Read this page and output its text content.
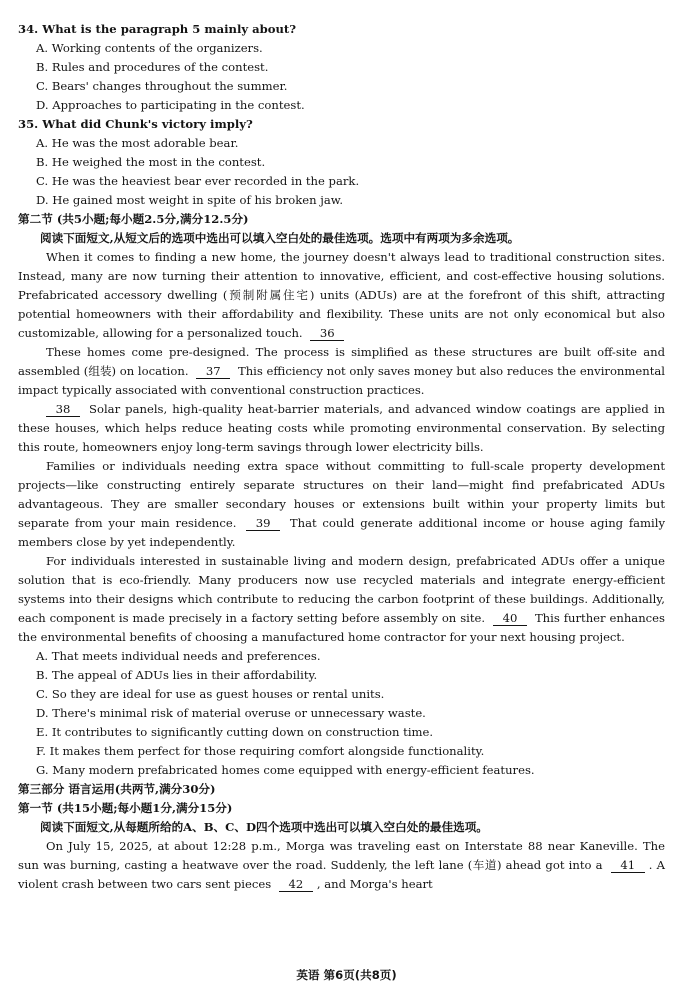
34. What is the paragraph 5 mainly about?
A. Working contents of the organizers.
B. Rules and procedures of the contest.
C. Bears' changes throughout the summer.
D. Approaches to participating in the contest.
35. What did Chunk's victory imply?
A. He was the most adorable bear.
B. He weighed the most in the contest.
C. He was the heaviest bear ever recorded in the park.
D. He gained most weight in spite of his broken jaw.
第二节 (共5小题;每小题2.5分,满分12.5分)
阅读下面短文,从短文后的选项中选出可以填入空白处的最佳选项。选项中有两项为多余选项。
When it comes to finding a new home, the journey doesn't always lead to traditional construction sites. Instead, many are now turning their attention to innovative, efficient, and cost-effective housing solutions. Prefabricated accessory dwelling (预制附属住宅) units (ADUs) are at the forefront of this shift, attracting potential homeowners with their affordability and flexibility. These units are not only economical but also customizable, allowing for a personalized touch. 36
These homes come pre-designed. The process is simplified as these structures are built off-site and assembled (组装) on location. 37 This efficiency not only saves money but also reduces the environmental impact typically associated with conventional construction practices.
38 Solar panels, high-quality heat-barrier materials, and advanced window coatings are applied in these houses, which helps reduce heating costs while promoting environmental conservation. By selecting this route, homeowners enjoy long-term savings through lower electricity bills.
Families or individuals needing extra space without committing to full-scale property development projects—like constructing entirely separate structures on their land—might find prefabricated ADUs advantageous. They are smaller secondary houses or extensions built within your property limits but separate from your main residence. 39 That could generate additional income or house aging family members close by yet independently.
For individuals interested in sustainable living and modern design, prefabricated ADUs offer a unique solution that is eco-friendly. Many producers now use recycled materials and integrate energy-efficient systems into their designs which contribute to reducing the carbon footprint of these buildings. Additionally, each component is made precisely in a factory setting before assembly on site. 40 This further enhances the environmental benefits of choosing a manufactured home contractor for your next housing project.
A. That meets individual needs and preferences.
B. The appeal of ADUs lies in their affordability.
C. So they are ideal for use as guest houses or rental units.
D. There's minimal risk of material overuse or unnecessary waste.
E. It contributes to significantly cutting down on construction time.
F. It makes them perfect for those requiring comfort alongside functionality.
G. Many modern prefabricated homes come equipped with energy-efficient features.
第三部分 语言运用(共两节,满分30分)
第一节 (共15小题;每小题1分,满分15分)
阅读下面短文,从每题所给的A、B、C、D四个选项中选出可以填入空白处的最佳选项。
On July 15, 2025, at about 12:28 p.m., Morga was traveling east on Interstate 88 near Kaneville. The sun was burning, casting a heatwave over the road. Suddenly, the left lane (车道) ahead got into a 41 . A violent crash between two cars sent pieces 42 , and Morga's heart
英语 第6页(共8页)
